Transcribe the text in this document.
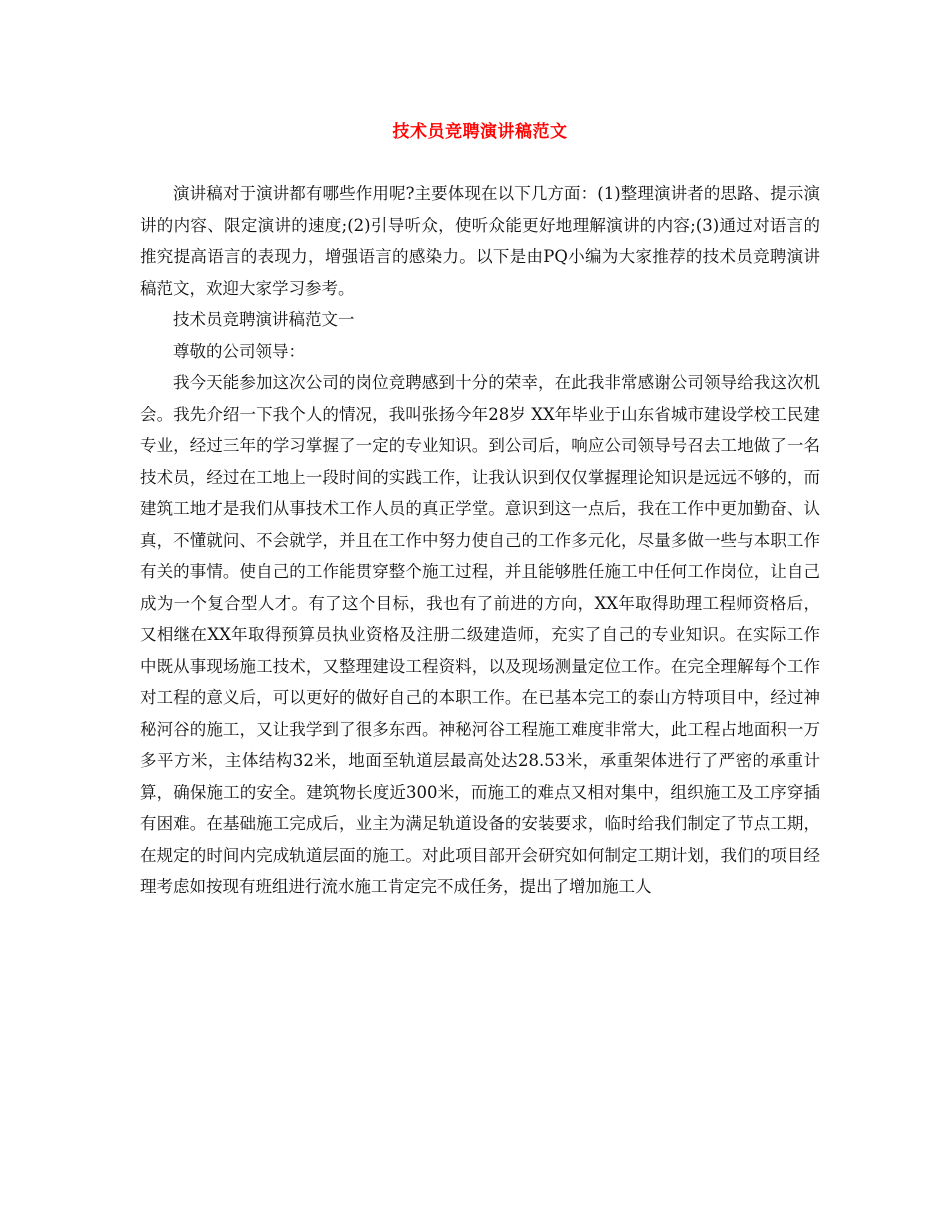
技术员竞聘演讲稿范文

演讲稿对于演讲都有哪些作用呢?主要体现在以下几方面：(1)整理演讲者的思路、提示演讲的内容、限定演讲的速度;(2)引导听众，使听众能更好地理解演讲的内容;(3)通过对语言的推究提高语言的表现力，增强语言的感染力。以下是由PQ小编为大家推荐的技术员竞聘演讲稿范文，欢迎大家学习参考。

技术员竞聘演讲稿范文一

尊敬的公司领导：

我今天能参加这次公司的岗位竞聘感到十分的荣幸，在此我非常感谢公司领导给我这次机会。我先介绍一下我个人的情况，我叫张扬今年28岁 XX年毕业于山东省城市建设学校工民建专业，经过三年的学习掌握了一定的专业知识。到公司后，响应公司领导号召去工地做了一名技术员，经过在工地上一段时间的实践工作，让我认识到仅仅掌握理论知识是远远不够的，而建筑工地才是我们从事技术工作人员的真正学堂。意识到这一点后，我在工作中更加勤奋、认真，不懂就问、不会就学，并且在工作中努力使自己的工作多元化，尽量多做一些与本职工作有关的事情。使自己的工作能贯穿整个施工过程，并且能够胜任施工中任何工作岗位，让自己成为一个复合型人才。有了这个目标，我也有了前进的方向，XX年取得助理工程师资格后，又相继在XX年取得预算员执业资格及注册二级建造师，充实了自己的专业知识。在实际工作中既从事现场施工技术，又整理建设工程资料，以及现场测量定位工作。在完全理解每个工作对工程的意义后，可以更好的做好自己的本职工作。在已基本完工的泰山方特项目中，经过神秘河谷的施工，又让我学到了很多东西。神秘河谷工程施工难度非常大，此工程占地面积一万多平方米，主体结构32米，地面至轨道层最高处达28.53米，承重架体进行了严密的承重计算，确保施工的安全。建筑物长度近300米，而施工的难点又相对集中，组织施工及工序穿插有困难。在基础施工完成后，业主为满足轨道设备的安装要求，临时给我们制定了节点工期，在规定的时间内完成轨道层面的施工。对此项目部开会研究如何制定工期计划，我们的项目经理考虑如按现有班组进行流水施工肯定完不成任务，提出了增加施工人
